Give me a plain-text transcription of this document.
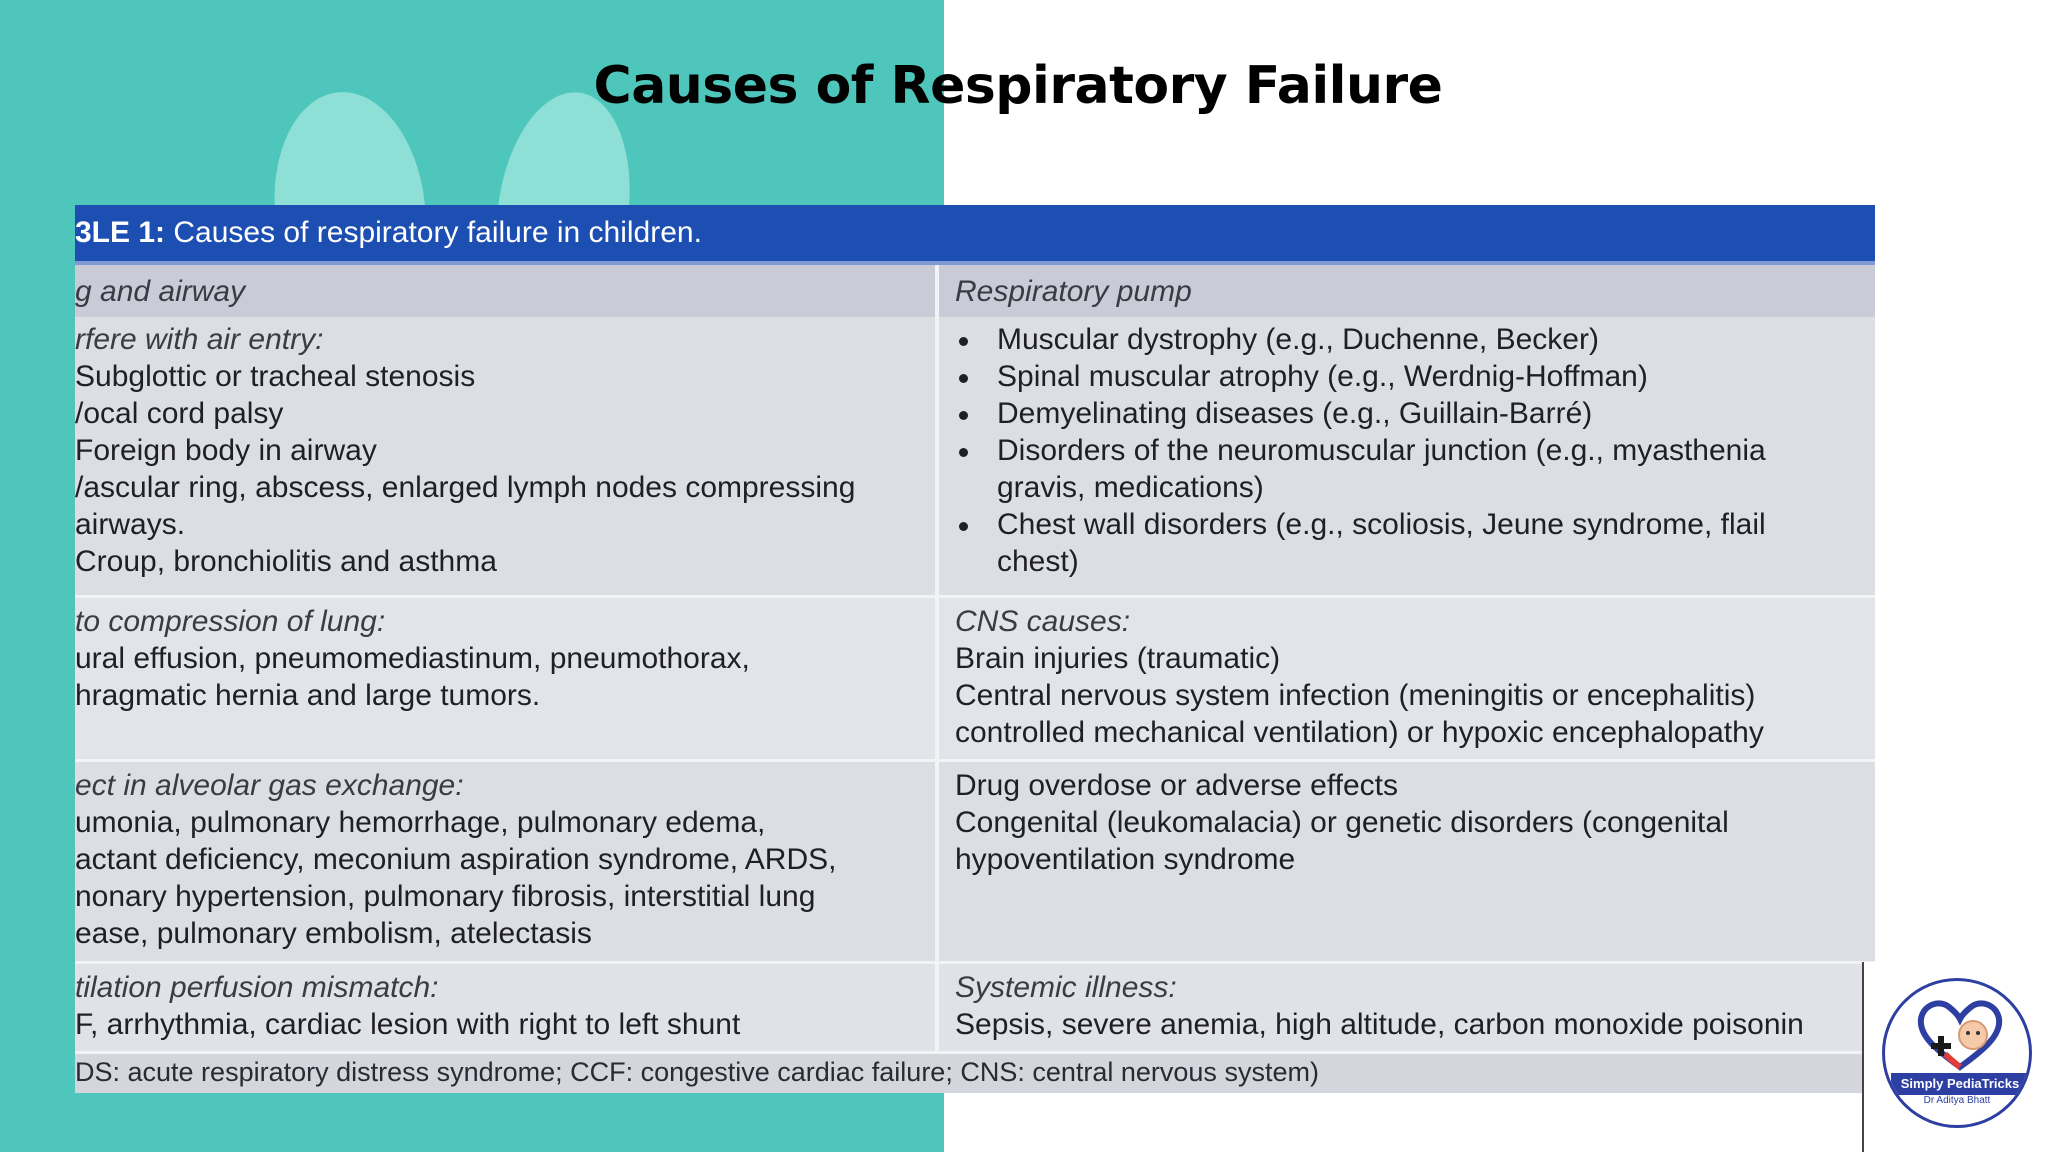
Causes of Respiratory Failure
3LE 1: Causes of respiratory failure in children.
g and airway	Respiratory pump
rfere with air entry:
Subglottic or tracheal stenosis
/ocal cord palsy
Foreign body in airway
/ascular ring, abscess, enlarged lymph nodes compressing
airways.
Croup, bronchiolitis and asthma
Muscular dystrophy (e.g., Duchenne, Becker)
Spinal muscular atrophy (e.g., Werdnig-Hoffman)
Demyelinating diseases (e.g., Guillain-Barré)
Disorders of the neuromuscular junction (e.g., myasthenia
gravis, medications)
Chest wall disorders (e.g., scoliosis, Jeune syndrome, flail
chest)
to compression of lung:
ural effusion, pneumomediastinum, pneumothorax,
hragmatic hernia and large tumors.
CNS causes:
Brain injuries (traumatic)
Central nervous system infection (meningitis or encephalitis)
controlled mechanical ventilation) or hypoxic encephalopathy
ect in alveolar gas exchange:
umonia, pulmonary hemorrhage, pulmonary edema,
actant deficiency, meconium aspiration syndrome, ARDS,
nonary hypertension, pulmonary fibrosis, interstitial lung
ease, pulmonary embolism, atelectasis
Drug overdose or adverse effects
Congenital (leukomalacia) or genetic disorders (congenital
hypoventilation syndrome
tilation perfusion mismatch:
F, arrhythmia, cardiac lesion with right to left shunt
Systemic illness:
Sepsis, severe anemia, high altitude, carbon monoxide poisonin
DS: acute respiratory distress syndrome; CCF: congestive cardiac failure; CNS: central nervous system)	Simply PediaTricks
Dr Aditya Bhatt
